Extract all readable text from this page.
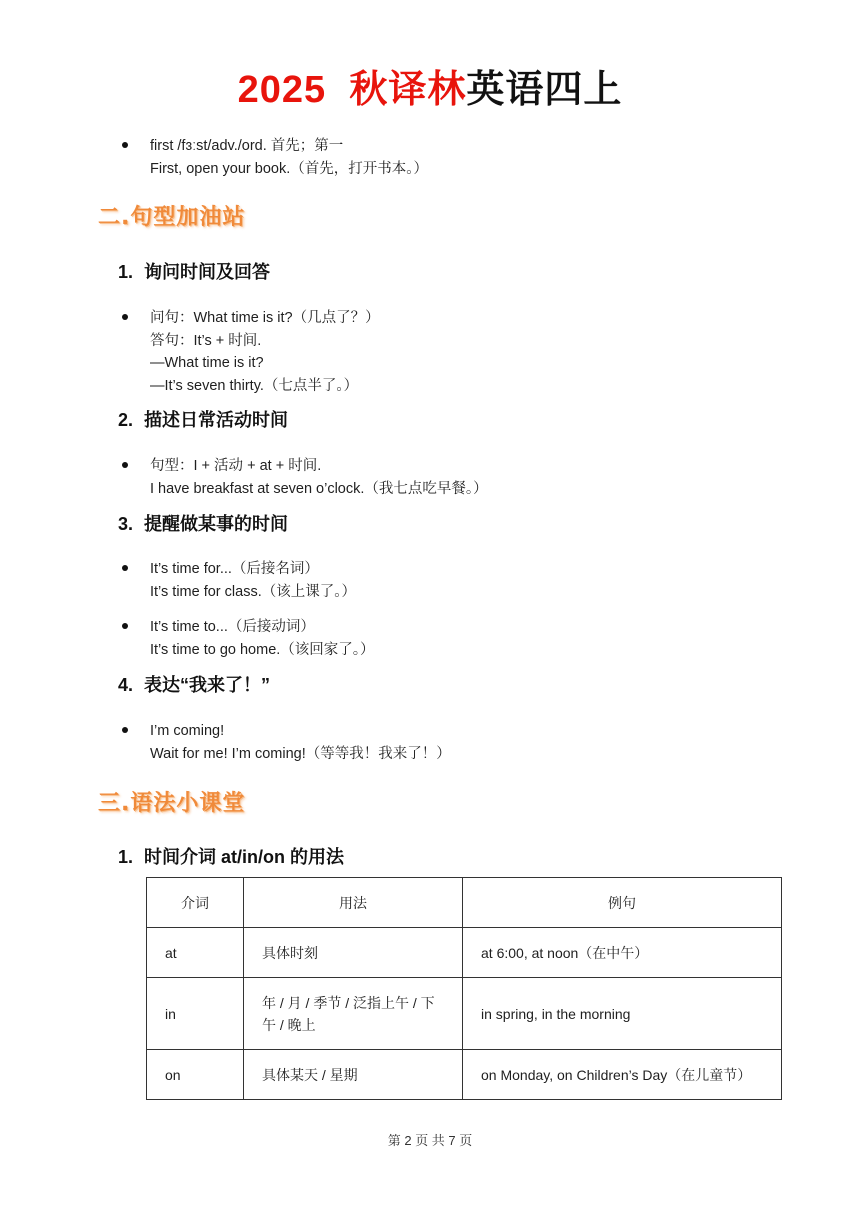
2025 秋译林英语四上
first /fɜːst/adv./ord. 首先；第一
First, open your book.（首先，打开书本。）
二.句型加油站
1. 询问时间及回答
问句：What time is it?（几点了？）
答句：It’s + 时间.
—What time is it?
—It’s seven thirty.（七点半了。）
2. 描述日常活动时间
句型：I + 活动 + at + 时间.
I have breakfast at seven o’clock.（我七点吃早餐。）
3. 提醒做某事的时间
It’s time for...（后接名词）
It’s time for class.（该上课了。）
It’s time to...（后接动词）
It’s time to go home.（该回家了。）
4. 表达“我来了！”
I’m coming!
Wait for me! I’m coming!（等等我！我来了！）
三.语法小课堂
1. 时间介词 at/in/on 的用法
介词	用法	例句
at	具体时刻	at 6:00, at noon（在中午）
in	年 / 月 / 季节 / 泛指上午 / 下午 / 晚上	in spring, in the morning
on	具体某天 / 星期	on Monday, on Children’s Day（在儿童节）
第 2 页 共 7 页
